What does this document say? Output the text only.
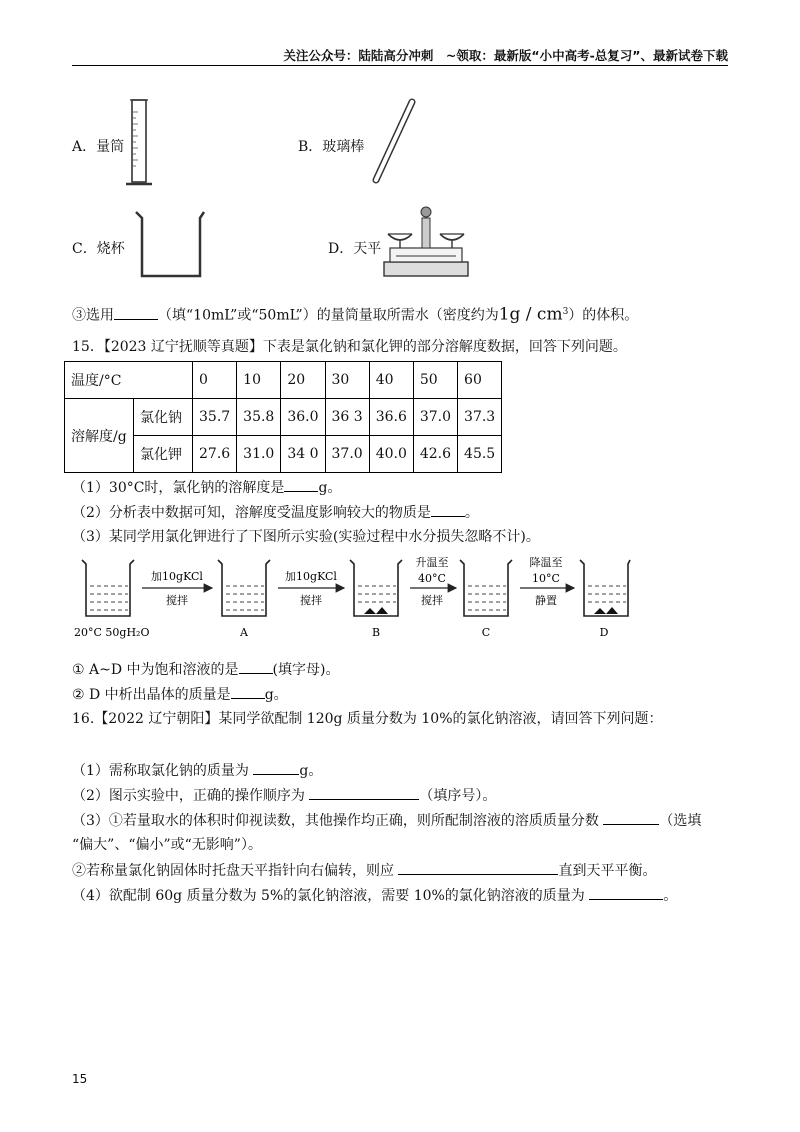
关注公众号：陆陆高分冲刺　~领取：最新版“小中高考-总复习”、最新试卷下载
A．量筒	B．玻璃棒
C．烧杯	D．天平
③选用	（填“10mL”或“50mL”）的量筒量取所需水（密度约为$1g / cm^3$）的体积。
15．【2023 辽宁抚顺等真题】下表是氯化钠和氯化钾的部分溶解度数据，回答下列问题。
温度/°C		0	10	20	30	40	50	60
溶解度/g	氯化钠	35.7	35.8	36.0	36 3	36.6	37.0	37.3
	氯化钾	27.6	31.0	34 0	37.0	40.0	42.6	45.5
（1）30°C时，氯化钠的溶解度是 g。
（2）分析表中数据可知，溶解度受温度影响较大的物质是 。
（3）某同学用氯化钾进行了下图所示实验(实验过程中水分损失忽略不计)。
加10gKCl
搅拌
加10gKCl
搅拌
升温至
40°C
搅拌
降温至
10°C
静置
20°C 50gH₂O	A	B	C	D
① A~D 中为饱和溶液的是 (填字母)。
② D 中析出晶体的质量是 g。
16.【2022 辽宁朝阳】某同学欲配制 120g 质量分数为 10%的氯化钠溶液，请回答下列问题：
（1）需称取氯化钠的质量为	g。
（2）图示实验中，正确的操作顺序为	（填序号）。
（3）①若量取水的体积时仰视读数，其他操作均正确，则所配制溶液的溶质质量分数	（选填
“偏大”、“偏小”或“无影响”）。
②若称量氯化钠固体时托盘天平指针向右偏转，则应	直到天平平衡。
（4）欲配制 60g 质量分数为 5%的氯化钠溶液，需要 10%的氯化钠溶液的质量为	。
15
